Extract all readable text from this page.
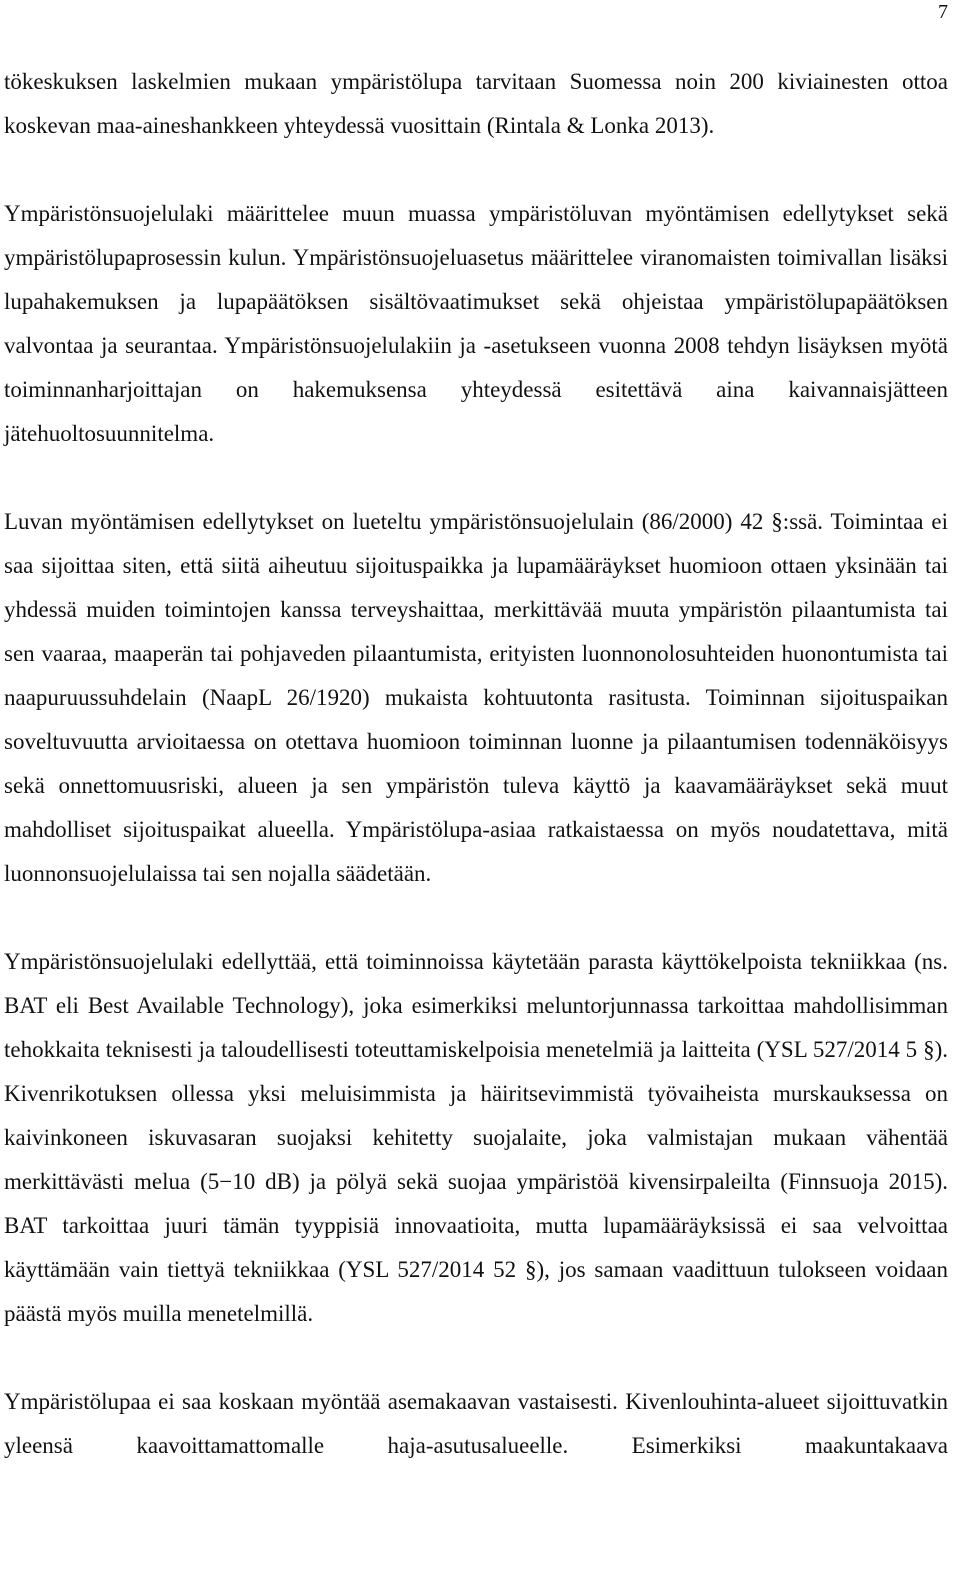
7

tökeskuksen laskelmien mukaan ympäristölupa tarvitaan Suomessa noin 200 kiviainesten ottoa koskevan maa-aineshankkeen yhteydessä vuosittain (Rintala & Lonka 2013).

Ympäristönsuojelulaki määrittelee muun muassa ympäristöluvan myöntämisen edellytykset sekä ympäristölupaprosessin kulun. Ympäristönsuojeluasetus määrittelee viranomaisten toimivallan lisäksi lupahakemuksen ja lupapäätöksen sisältövaatimukset sekä ohjeistaa ympäristölupapäätöksen valvontaa ja seurantaa. Ympäristönsuojelulakiin ja -asetukseen vuonna 2008 tehdyn lisäyksen myötä toiminnanharjoittajan on hakemuksensa yhteydessä esitettävä aina kaivannaisjätteen jätehuoltosuunnitelma.

Luvan myöntämisen edellytykset on lueteltu ympäristönsuojelulain (86/2000) 42 §:ssä. Toimintaa ei saa sijoittaa siten, että siitä aiheutuu sijoituspaikka ja lupamääräykset huomioon ottaen yksinään tai yhdessä muiden toimintojen kanssa terveyshaittaa, merkittävää muuta ympäristön pilaantumista tai sen vaaraa, maaperän tai pohjaveden pilaantumista, erityisten luonnonolosuhteiden huonontumista tai naapuruussuhdelain (NaapL 26/1920) mukaista kohtuutonta rasitusta. Toiminnan sijoituspaikan soveltuvuutta arvioitaessa on otettava huomioon toiminnan luonne ja pilaantumisen todennäköisyys sekä onnettomuusriski, alueen ja sen ympäristön tuleva käyttö ja kaavamääräykset sekä muut mahdolliset sijoituspaikat alueella. Ympäristölupa-asiaa ratkaistaessa on myös noudatettava, mitä luonnonsuojelulaissa tai sen nojalla säädetään.

Ympäristönsuojelulaki edellyttää, että toiminnoissa käytetään parasta käyttökelpoista tekniikkaa (ns. BAT eli Best Available Technology), joka esimerkiksi meluntorjunnassa tarkoittaa mahdollisimman tehokkaita teknisesti ja taloudellisesti toteuttamiskelpoisia menetelmiä ja laitteita (YSL 527/2014 5 §). Kivenrikotuksen ollessa yksi meluisimmista ja häiritsevimmistä työvaiheista murskauksessa on kaivinkoneen iskuvasaran suojaksi kehitetty suojalaite, joka valmistajan mukaan vähentää merkittävästi melua (5−10 dB) ja pölyä sekä suojaa ympäristöä kivensirpaleilta (Finnsuoja 2015). BAT tarkoittaa juuri tämän tyyppisiä innovaatioita, mutta lupamääräyksissä ei saa velvoittaa käyttämään vain tiettyä tekniikkaa (YSL 527/2014 52 §), jos samaan vaadittuun tulokseen voidaan päästä myös muilla menetelmillä.

Ympäristölupaa ei saa koskaan myöntää asemakaavan vastaisesti. Kivenlouhinta-alueet sijoittuvatkin yleensä kaavoittamattomalle haja-asutusalueelle. Esimerkiksi maakuntakaava
